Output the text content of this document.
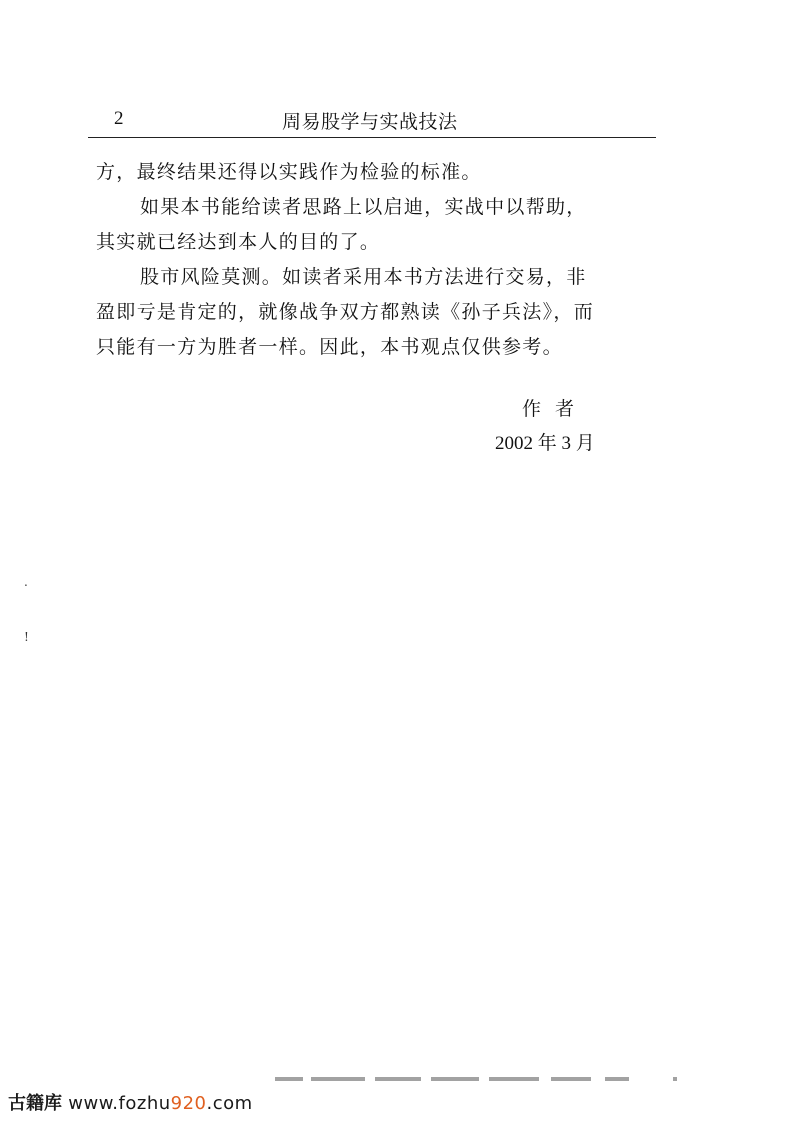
2	周易股学与实战技法
方，最终结果还得以实践作为检验的标准。
如果本书能给读者思路上以启迪，实战中以帮助，
其实就已经达到本人的目的了。
股市风险莫测。如读者采用本书方法进行交易，非
盈即亏是肯定的，就像战争双方都熟读《孙子兵法》，而
只能有一方为胜者一样。因此，本书观点仅供参考。
作者
2002 年 3 月
.
!
古籍库 www.fozhu920.com
